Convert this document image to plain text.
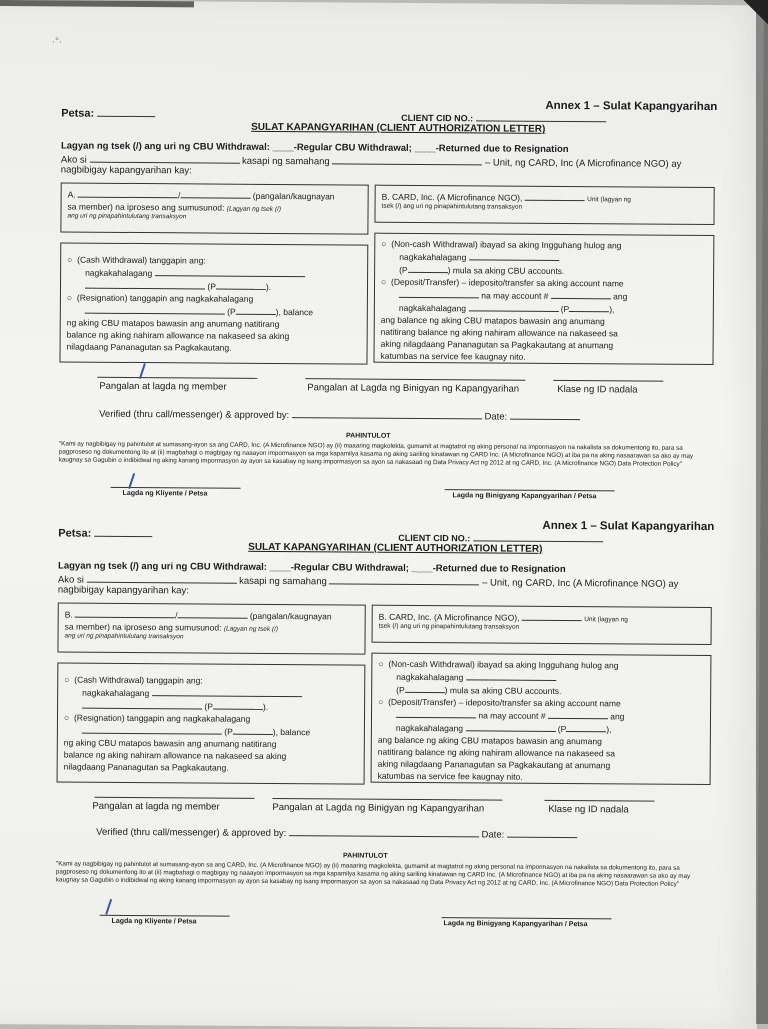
·°·
Annex 1 – Sulat Kapangyarihan
Petsa:	CLIENT CID NO.:
SULAT KAPANGYARIHAN (CLIENT AUTHORIZATION LETTER)
Lagyan ng tsek (/) ang uri ng CBU Withdrawal: ____-Regular CBU Withdrawal; ____-Returned due to Resignation
Ako si	kasapi ng samahang	– Unit, ng CARD, Inc (A Microfinance NGO) ay
nagbibigay kapangyarihan kay:
A.	/	(pangalan/kaugnayan
sa member) na iproseso ang sumusunod: (Lagyan ng tsek (/)
ang uri ng pinapahintulutang transaksyon
B. CARD, Inc. (A Microfinance NGO),	Unit (lagyan ng
tsek (/) ang uri ng pinapahintulutang transaksyon
○ (Cash Withdrawal) tanggapin ang:
nagkakahalagang
(P	).
○ (Resignation) tanggapin ang nagkakahalagang
(P	), balance
ng aking CBU matapos bawasin ang anumang natitirang
balance ng aking nahiram allowance na nakaseed sa aking
nilagdaang Pananagutan sa Pagkakautang.
○ (Non-cash Withdrawal) ibayad sa aking Ingguhang hulog ang
nagkakahalagang
(P	) mula sa aking CBU accounts.
○ (Deposit/Transfer) – ideposito/transfer sa aking account name
na may account #	ang
nagkakahalagang	(P	),
ang balance ng aking CBU matapos bawasin ang anumang
natitirang balance ng aking nahiram allowance na nakaseed sa
aking nilagdaang Pananagutan sa Pagkakautang at anumang
katumbas na service fee kaugnay nito.
Pangalan at lagda ng member	Pangalan at Lagda ng Binigyan ng Kapangyarihan	Klase ng ID nadala
Verified (thru call/messenger) & approved by:	Date:
PAHINTULOT
"Kami ay nagbibigay ng pahintulot at sumasang-ayon sa ang CARD, Inc. (A Microfinance NGO) ay (ii) maaaring magkolekta, gumamit at magtatrol ng aking personal na impormasyon na nakalista sa dokumentong ito, para sa pagproseso ng dokumentong ito at (ii) magbahagi o magbigay ng naaayon impormasyon sa mga kapamilya kasama ng aking sariling kinatawan ng CARD Inc. (A Microfinance NGO) at iba pa na aking nasaarawan sa ako ay may kaugnay sa Gagubin o indibidwal ng aking kanang impormasyon ay ayon sa kasabay ng isang impormasyon sa ayon sa nakasaad ng Data Privacy Act ng 2012 at ng CARD, Inc. (A Microfinance NGO) Data Protection Policy"
Lagda ng Kliyente / Petsa	Lagda ng Binigyang Kapangyarihan / Petsa
Annex 1 – Sulat Kapangyarihan
Petsa:	CLIENT CID NO.:
SULAT KAPANGYARIHAN (CLIENT AUTHORIZATION LETTER)
Lagyan ng tsek (/) ang uri ng CBU Withdrawal: ____-Regular CBU Withdrawal; ____-Returned due to Resignation
Ako si	kasapi ng samahang	– Unit, ng CARD, Inc (A Microfinance NGO) ay
nagbibigay kapangyarihan kay:
B.	/	(pangalan/kaugnayan
sa member) na iproseso ang sumusunod: (Lagyan ng tsek (/)
ang uri ng pinapahintulutang transaksyon
B. CARD, Inc. (A Microfinance NGO),	Unit (lagyan ng
tsek (/) ang uri ng pinapahintulutang transaksyon
○ (Cash Withdrawal) tanggapin ang:
nagkakahalagang
(P	).
○ (Resignation) tanggapin ang nagkakahalagang
(P	), balance
ng aking CBU matapos bawasin ang anumang natitirang
balance ng aking nahiram allowance na nakaseed sa aking
nilagdaang Pananagutan sa Pagkakautang.
○ (Non-cash Withdrawal) ibayad sa aking Ingguhang hulog ang
nagkakahalagang
(P	) mula sa aking CBU accounts.
○ (Deposit/Transfer) – ideposito/transfer sa aking account name
na may account #	ang
nagkakahalagang	(P	),
ang balance ng aking CBU matapos bawasin ang anumang
natitirang balance ng aking nahiram allowance na nakaseed sa
aking nilagdaang Pananagutan sa Pagkakautang at anumang
katumbas na service fee kaugnay nito.
Pangalan at lagda ng member	Pangalan at Lagda ng Binigyan ng Kapangyarihan	Klase ng ID nadala
Verified (thru call/messenger) & approved by:	Date:
PAHINTULOT
"Kami ay nagbibigay ng pahintulot at sumasang-ayon sa ang CARD, Inc. (A Microfinance NGO) ay (ii) maaaring magkolekta, gumamit at magtatrol ng aking personal na impormasyon na nakalista sa dokumentong ito, para sa pagproseso ng dokumentong ito at (ii) magbahagi o magbigay ng naaayon impormasyon sa mga kapamilya kasama ng aking sariling kinatawan ng CARD Inc. (A Microfinance NGO) at iba pa na aking nasaarawan sa ako ay may kaugnay sa Gagubin o indibidwal ng aking kanang impormasyon ay ayon sa kasabay ng isang impormasyon sa ayon sa nakasaad ng Data Privacy Act ng 2012 at ng CARD, Inc. (A Microfinance NGO) Data Protection Policy"
Lagda ng Kliyente / Petsa	Lagda ng Binigyang Kapangyarihan / Petsa
